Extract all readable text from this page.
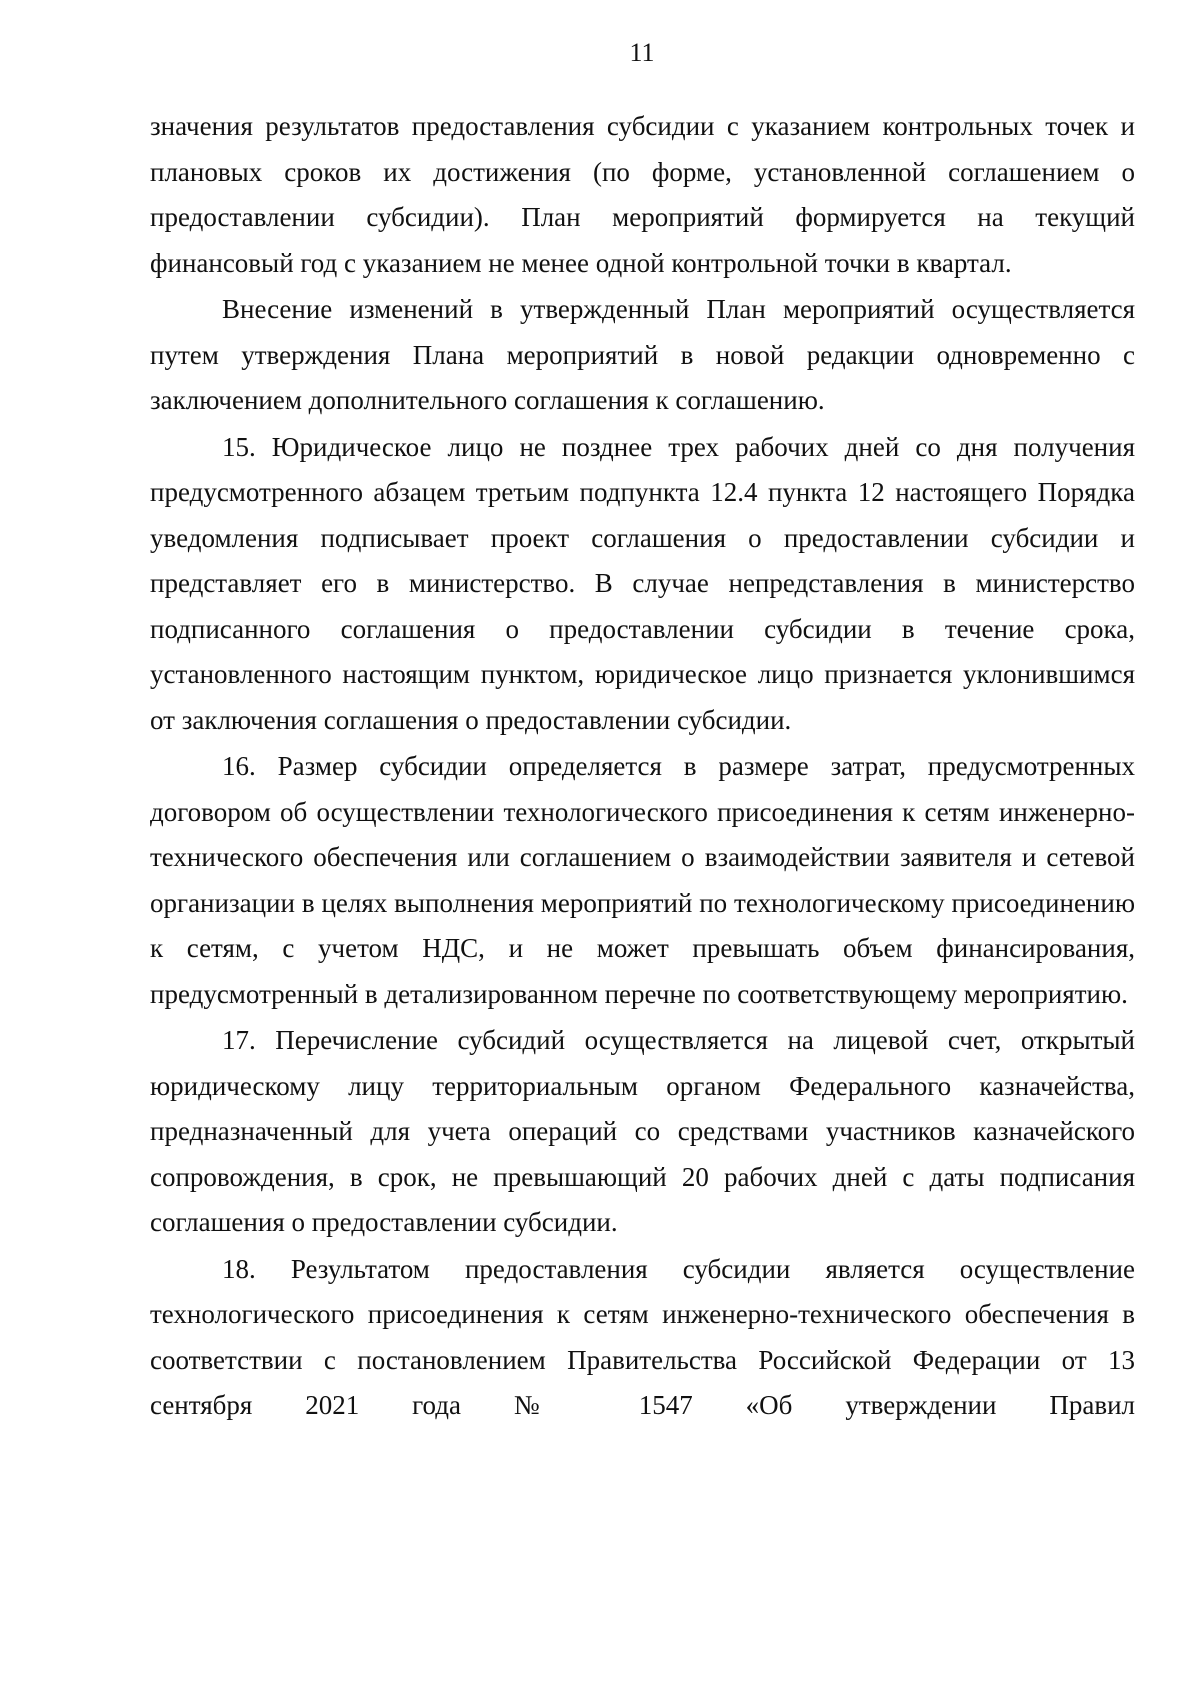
11

значения результатов предоставления субсидии с указанием контрольных точек и плановых сроков их достижения (по форме, установленной соглашением о предоставлении субсидии). План мероприятий формируется на текущий финансовый год с указанием не менее одной контрольной точки в квартал.

Внесение изменений в утвержденный План мероприятий осуществляется путем утверждения Плана мероприятий в новой редакции одновременно с заключением дополнительного соглашения к соглашению.

15. Юридическое лицо не позднее трех рабочих дней со дня получения предусмотренного абзацем третьим подпункта 12.4 пункта 12 настоящего Порядка уведомления подписывает проект соглашения о предоставлении субсидии и представляет его в министерство. В случае непредставления в министерство подписанного соглашения о предоставлении субсидии в течение срока, установленного настоящим пунктом, юридическое лицо признается уклонившимся от заключения соглашения о предоставлении субсидии.

16. Размер субсидии определяется в размере затрат, предусмотренных договором об осуществлении технологического присоединения к сетям инженерно-технического обеспечения или соглашением о взаимодействии заявителя и сетевой организации в целях выполнения мероприятий по технологическому присоединению к сетям, с учетом НДС, и не может превышать объем финансирования, предусмотренный в детализированном перечне по соответствующему мероприятию.

17. Перечисление субсидий осуществляется на лицевой счет, открытый юридическому лицу территориальным органом Федерального казначейства, предназначенный для учета операций со средствами участников казначейского сопровождения, в срок, не превышающий 20 рабочих дней с даты подписания соглашения о предоставлении субсидии.

18. Результатом предоставления субсидии является осуществление технологического присоединения к сетям инженерно-технического обеспечения в соответствии с постановлением Правительства Российской Федерации от 13 сентября 2021 года № 1547 «Об утверждении Правил
